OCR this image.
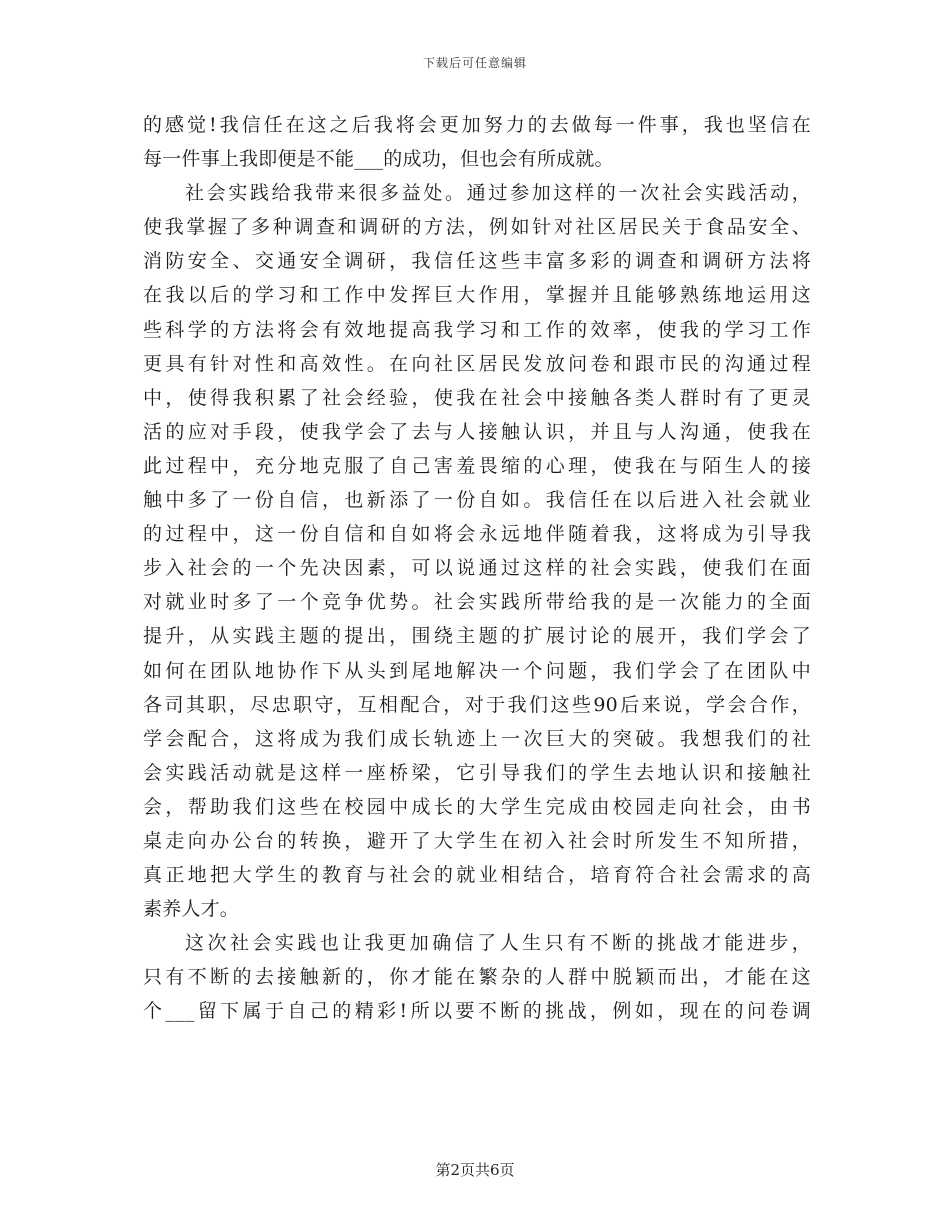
下载后可任意编辑
的感觉!我信任在这之后我将会更加努力的去做每一件事，我也坚信在
每一件事上我即便是不能___的成功，但也会有所成就。
社会实践给我带来很多益处。通过参加这样的一次社会实践活动，
使我掌握了多种调查和调研的方法，例如针对社区居民关于食品安全、
消防安全、交通安全调研，我信任这些丰富多彩的调查和调研方法将
在我以后的学习和工作中发挥巨大作用，掌握并且能够熟练地运用这
些科学的方法将会有效地提高我学习和工作的效率，使我的学习工作
更具有针对性和高效性。在向社区居民发放问卷和跟市民的沟通过程
中，使得我积累了社会经验，使我在社会中接触各类人群时有了更灵
活的应对手段，使我学会了去与人接触认识，并且与人沟通，使我在
此过程中，充分地克服了自己害羞畏缩的心理，使我在与陌生人的接
触中多了一份自信，也新添了一份自如。我信任在以后进入社会就业
的过程中，这一份自信和自如将会永远地伴随着我，这将成为引导我
步入社会的一个先决因素，可以说通过这样的社会实践，使我们在面
对就业时多了一个竞争优势。社会实践所带给我的是一次能力的全面
提升，从实践主题的提出，围绕主题的扩展讨论的展开，我们学会了
如何在团队地协作下从头到尾地解决一个问题，我们学会了在团队中
各司其职，尽忠职守，互相配合，对于我们这些90后来说，学会合作，
学会配合，这将成为我们成长轨迹上一次巨大的突破。我想我们的社
会实践活动就是这样一座桥梁，它引导我们的学生去地认识和接触社
会，帮助我们这些在校园中成长的大学生完成由校园走向社会，由书
桌走向办公台的转换，避开了大学生在初入社会时所发生不知所措，
真正地把大学生的教育与社会的就业相结合，培育符合社会需求的高
素养人才。
这次社会实践也让我更加确信了人生只有不断的挑战才能进步，
只有不断的去接触新的，你才能在繁杂的人群中脱颖而出，才能在这
个___留下属于自己的精彩!所以要不断的挑战，例如，现在的问卷调
第2页共6页
